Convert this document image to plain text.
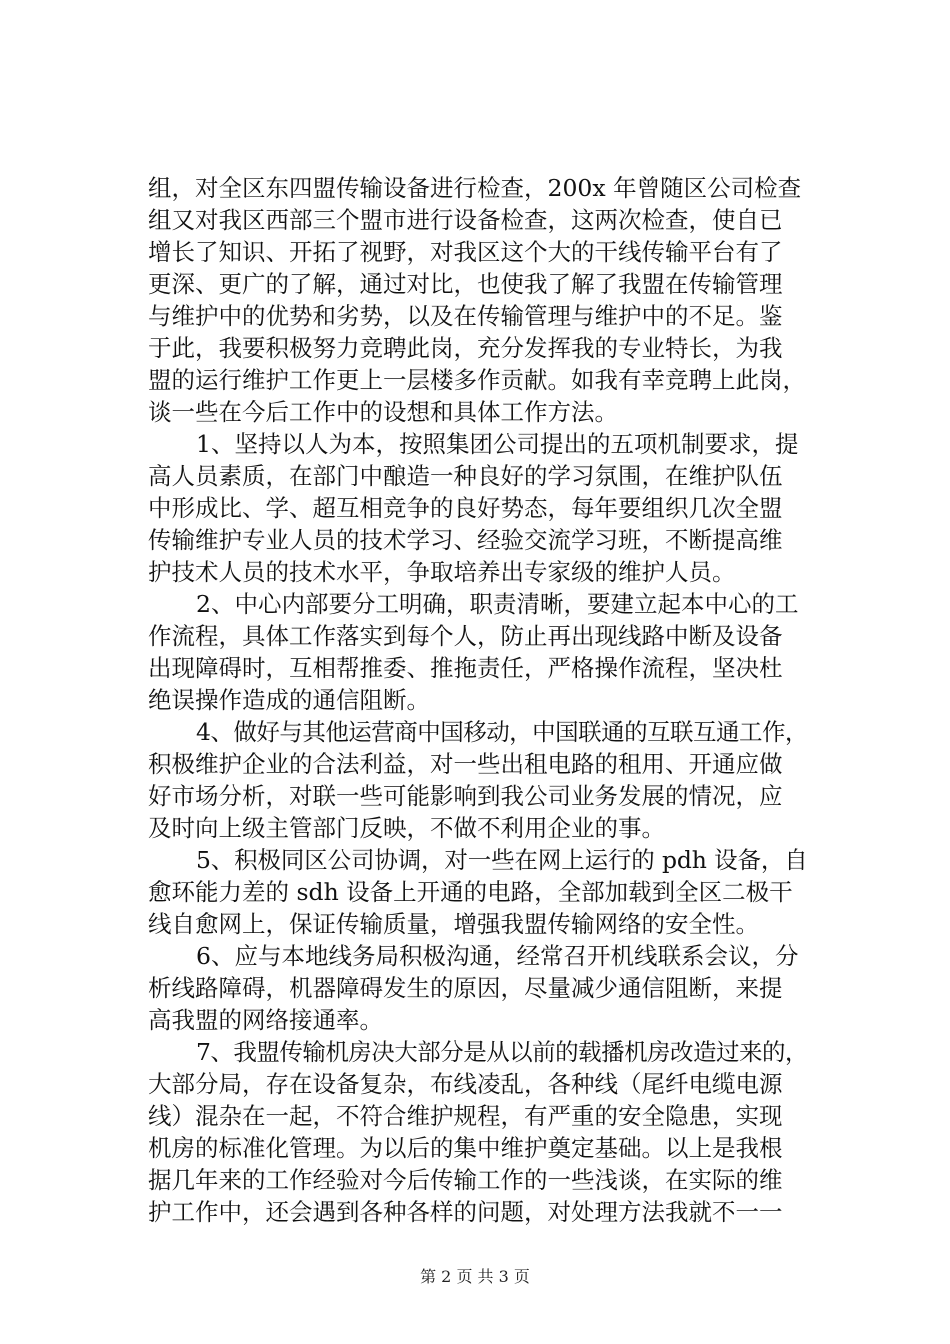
组，对全区东四盟传输设备进行检查，200x 年曾随区公司检查
组又对我区西部三个盟市进行设备检查，这两次检查，使自已
增长了知识、开拓了视野，对我区这个大的干线传输平台有了
更深、更广的了解，通过对比，也使我了解了我盟在传输管理
与维护中的优势和劣势，以及在传输管理与维护中的不足。鉴
于此，我要积极努力竞聘此岗，充分发挥我的专业特长，为我
盟的运行维护工作更上一层楼多作贡献。如我有幸竞聘上此岗，
谈一些在今后工作中的设想和具体工作方法。
1、坚持以人为本，按照集团公司提出的五项机制要求，提
高人员素质，在部门中酿造一种良好的学习氛围，在维护队伍
中形成比、学、超互相竞争的良好势态，每年要组织几次全盟
传输维护专业人员的技术学习、经验交流学习班，不断提高维
护技术人员的技术水平，争取培养出专家级的维护人员。
2、中心内部要分工明确，职责清晰，要建立起本中心的工
作流程，具体工作落实到每个人，防止再出现线路中断及设备
出现障碍时，互相帮推委、推拖责任，严格操作流程，坚决杜
绝误操作造成的通信阻断。
4、做好与其他运营商中国移动，中国联通的互联互通工作，
积极维护企业的合法利益，对一些出租电路的租用、开通应做
好市场分析，对联一些可能影响到我公司业务发展的情况，应
及时向上级主管部门反映，不做不利用企业的事。
5、积极同区公司协调，对一些在网上运行的 pdh 设备，自
愈环能力差的 sdh 设备上开通的电路，全部加载到全区二极干
线自愈网上，保证传输质量，增强我盟传输网络的安全性。
6、应与本地线务局积极沟通，经常召开机线联系会议，分
析线路障碍，机器障碍发生的原因，尽量减少通信阻断，来提
高我盟的网络接通率。
7、我盟传输机房决大部分是从以前的载播机房改造过来的，
大部分局，存在设备复杂，布线凌乱，各种线（尾纤电缆电源
线）混杂在一起，不符合维护规程，有严重的安全隐患，实现
机房的标准化管理。为以后的集中维护奠定基础。以上是我根
据几年来的工作经验对今后传输工作的一些浅谈，在实际的维
护工作中，还会遇到各种各样的问题，对处理方法我就不一一
第 2 页 共 3 页
